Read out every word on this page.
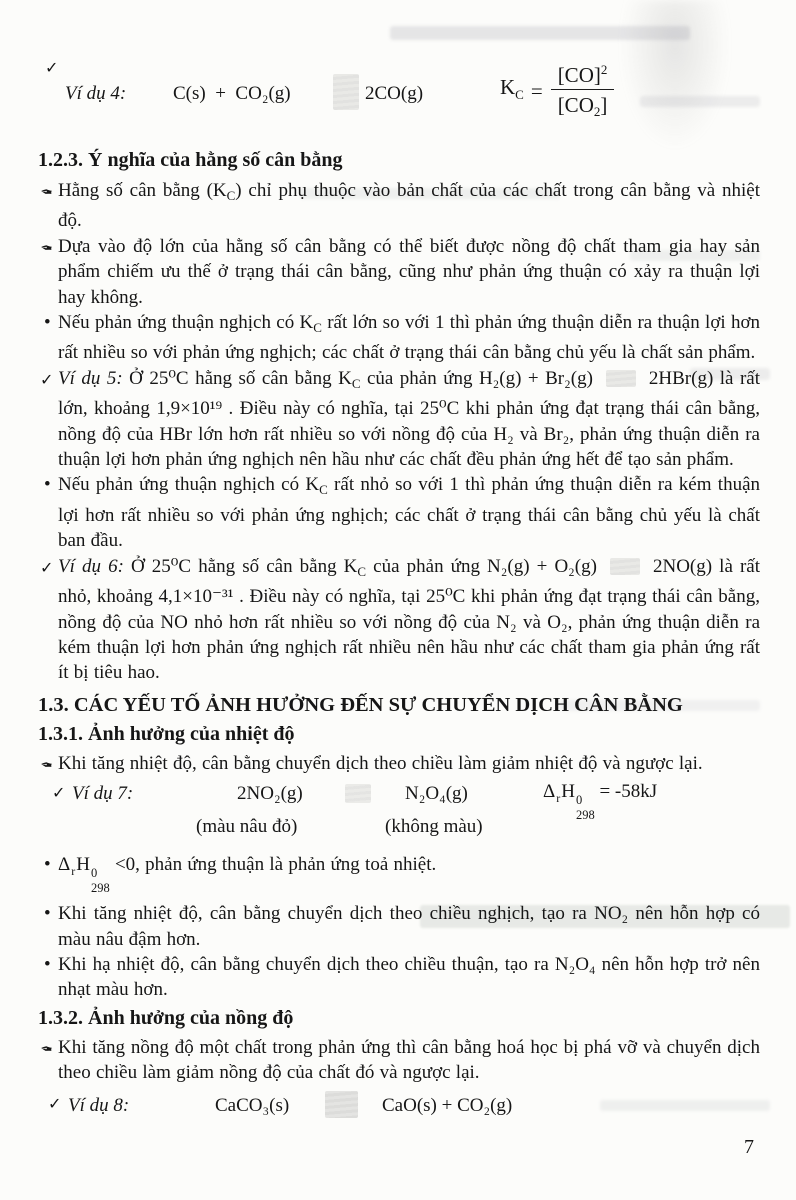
✓
Ví dụ 4: C(s)  +  CO₂(g)	2CO(g)	$K_C = \frac{[CO]^2}{[CO_2]}$
1.2.3. Ý nghĩa của hằng số cân bằng
✒ Hằng số cân bằng $(K_C)$ chỉ phụ thuộc vào bản chất của các chất trong cân bằng và nhiệt độ.
✒ Dựa vào độ lớn của hằng số cân bằng có thể biết được nồng độ chất tham gia hay sản phẩm chiếm ưu thế ở trạng thái cân bằng, cũng như phản ứng thuận có xảy ra thuận lợi hay không.
• Nếu phản ứng thuận nghịch có $K_C$ rất lớn so với 1 thì phản ứng thuận diễn ra thuận lợi hơn rất nhiều so với phản ứng nghịch; các chất ở trạng thái cân bằng chủ yếu là chất sản phẩm.
✓ Ví dụ 5: Ở 25⁰C hằng số cân bằng $K_C$ của phản ứng H₂(g) + Br₂(g)	2HBr(g) là rất lớn, khoảng 1,9×10¹⁹ . Điều này có nghĩa, tại 25⁰C khi phản ứng đạt trạng thái cân bằng, nồng độ của HBr lớn hơn rất nhiều so với nồng độ của H₂ và Br₂, phản ứng thuận diễn ra thuận lợi hơn phản ứng nghịch nên hầu như các chất đều phản ứng hết để tạo sản phẩm.
• Nếu phản ứng thuận nghịch có $K_C$ rất nhỏ so với 1 thì phản ứng thuận diễn ra kém thuận lợi hơn rất nhiều so với phản ứng nghịch; các chất ở trạng thái cân bằng chủ yếu là chất ban đầu.
✓ Ví dụ 6: Ở 25⁰C hằng số cân bằng $K_C$ của phản ứng N₂(g) + O₂(g)	2NO(g) là rất nhỏ, khoảng 4,1×10⁻³¹ . Điều này có nghĩa, tại 25⁰C khi phản ứng đạt trạng thái cân bằng, nồng độ của NO nhỏ hơn rất nhiều so với nồng độ của N₂ và O₂, phản ứng thuận diễn ra kém thuận lợi hơn phản ứng nghịch rất nhiều nên hầu như các chất tham gia phản ứng rất ít bị tiêu hao.
1.3. CÁC YẾU TỐ ẢNH HƯỞNG ĐẾN SỰ CHUYỂN DỊCH CÂN BẰNG
1.3.1. Ảnh hưởng của nhiệt độ
✒ Khi tăng nhiệt độ, cân bằng chuyển dịch theo chiều làm giảm nhiệt độ và ngược lại.
✓ Ví dụ 7:	2NO₂(g)	N₂O₄(g)	$\Delta_rH$ 0
298
= -58kJ
(màu nâu đỏ)	(không màu)
• $\Delta_rH$ 0
298
<0, phản ứng thuận là phản ứng toả nhiệt.
• Khi tăng nhiệt độ, cân bằng chuyển dịch theo chiều nghịch, tạo ra NO₂ nên hỗn hợp có màu nâu đậm hơn.
• Khi hạ nhiệt độ, cân bằng chuyển dịch theo chiều thuận, tạo ra N₂O₄ nên hỗn hợp trở nên nhạt màu hơn.
1.3.2. Ảnh hưởng của nồng độ
✒ Khi tăng nồng độ một chất trong phản ứng thì cân bằng hoá học bị phá vỡ và chuyển dịch theo chiều làm giảm nồng độ của chất đó và ngược lại.
✓ Ví dụ 8:	CaCO₃(s)	CaO(s) + CO₂(g)
7
